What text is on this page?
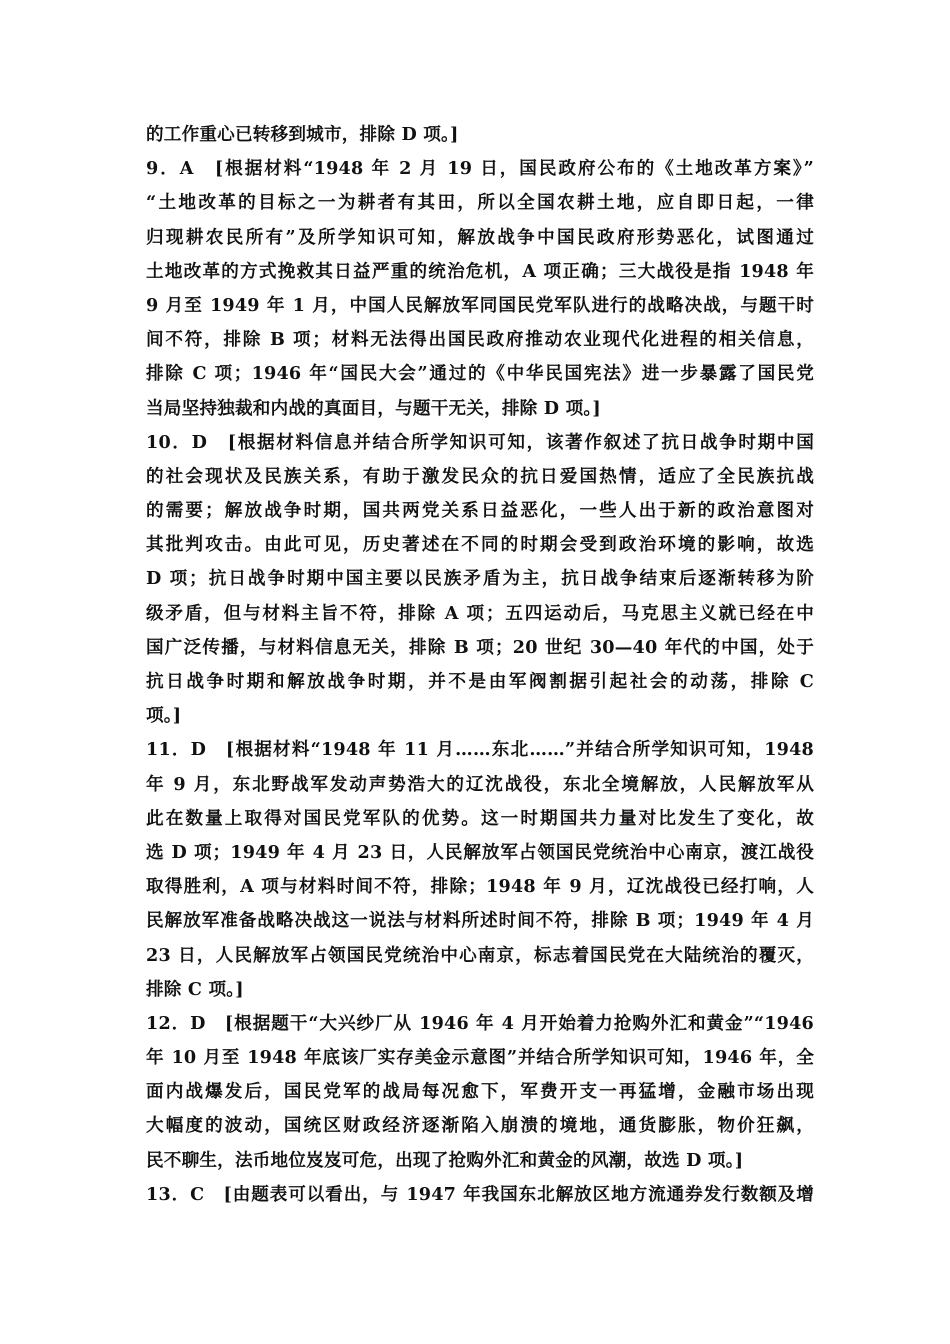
的工作重心已转移到城市，排除 D 项。]
9．A　[根据材料“1948 年 2 月 19 日，国民政府公布的《土地改革方案》”
“土地改革的目标之一为耕者有其田，所以全国农耕土地，应自即日起，一律
归现耕农民所有”及所学知识可知，解放战争中国民政府形势恶化，试图通过
土地改革的方式挽救其日益严重的统治危机，A 项正确；三大战役是指 1948 年
9 月至 1949 年 1 月，中国人民解放军同国民党军队进行的战略决战，与题干时
间不符，排除 B 项；材料无法得出国民政府推动农业现代化进程的相关信息，
排除 C 项；1946 年“国民大会”通过的《中华民国宪法》进一步暴露了国民党
当局坚持独裁和内战的真面目，与题干无关，排除 D 项。]
10．D　[根据材料信息并结合所学知识可知，该著作叙述了抗日战争时期中国
的社会现状及民族关系，有助于激发民众的抗日爱国热情，适应了全民族抗战
的需要；解放战争时期，国共两党关系日益恶化，一些人出于新的政治意图对
其批判攻击。由此可见，历史著述在不同的时期会受到政治环境的影响，故选
D 项；抗日战争时期中国主要以民族矛盾为主，抗日战争结束后逐渐转移为阶
级矛盾，但与材料主旨不符，排除 A 项；五四运动后，马克思主义就已经在中
国广泛传播，与材料信息无关，排除 B 项；20 世纪 30—40 年代的中国，处于
抗日战争时期和解放战争时期，并不是由军阀割据引起社会的动荡，排除 C
项。]
11．D　[根据材料“1948 年 11 月……东北……”并结合所学知识可知，1948
年 9 月，东北野战军发动声势浩大的辽沈战役，东北全境解放，人民解放军从
此在数量上取得对国民党军队的优势。这一时期国共力量对比发生了变化，故
选 D 项；1949 年 4 月 23 日，人民解放军占领国民党统治中心南京，渡江战役
取得胜利，A 项与材料时间不符，排除；1948 年 9 月，辽沈战役已经打响，人
民解放军准备战略决战这一说法与材料所述时间不符，排除 B 项；1949 年 4 月
23 日，人民解放军占领国民党统治中心南京，标志着国民党在大陆统治的覆灭，
排除 C 项。]
12．D　[根据题干“大兴纱厂从 1946 年 4 月开始着力抢购外汇和黄金”“1946
年 10 月至 1948 年底该厂实存美金示意图”并结合所学知识可知，1946 年，全
面内战爆发后，国民党军的战局每况愈下，军费开支一再猛增，金融市场出现
大幅度的波动，国统区财政经济逐渐陷入崩溃的境地，通货膨胀，物价狂飙，
民不聊生，法币地位岌岌可危，出现了抢购外汇和黄金的风潮，故选 D 项。]
13．C　[由题表可以看出，与 1947 年我国东北解放区地方流通券发行数额及增
